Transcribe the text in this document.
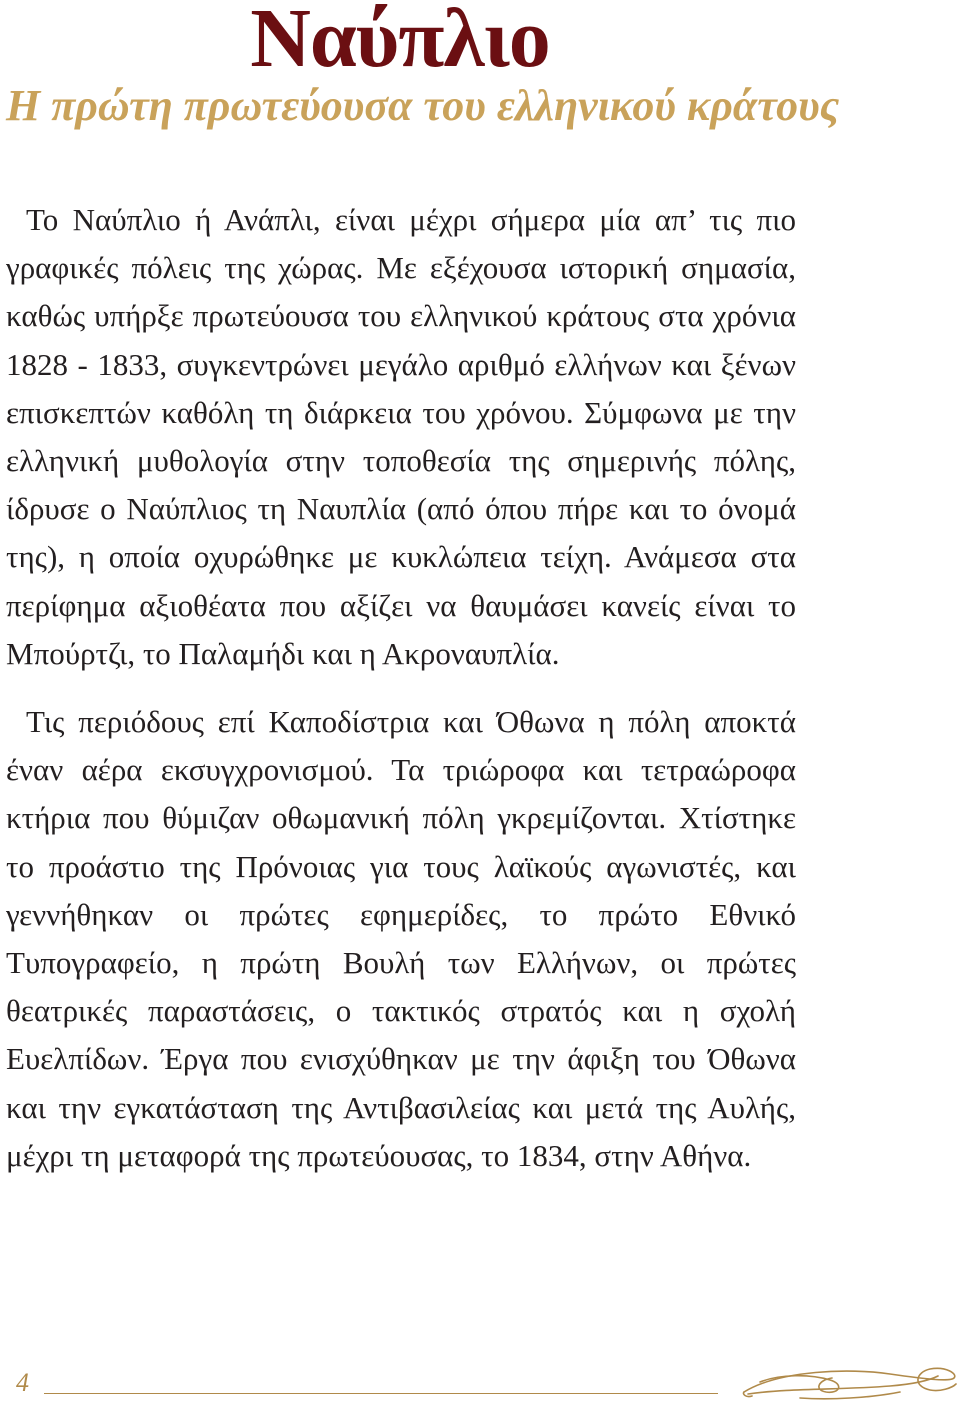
Ναύπλιο
Η πρώτη πρωτεύουσα του ελληνικού κράτους

Το Ναύπλιο ή Ανάπλι, είναι μέχρι σήμερα μία απ’ τις πιο γραφικές πόλεις της χώρας. Με εξέχουσα ιστορική σημασία, καθώς υπήρξε πρωτεύουσα του ελληνικού κράτους στα χρόνια 1828 - 1833, συγκεντρώνει μεγάλο αριθμό ελλήνων και ξένων επισκεπτών καθόλη τη διάρκεια του χρόνου. Σύμφωνα με την ελληνική μυθολογία στην τοποθεσία της σημερινής πόλης, ίδρυσε ο Ναύπλιος τη Ναυπλία (από όπου πήρε και το όνομά της), η οποία οχυρώθηκε με κυκλώπεια τείχη. Ανάμεσα στα περίφημα αξιοθέατα που αξίζει να θαυμάσει κανείς είναι το Μπούρτζι, το Παλαμήδι και η Ακροναυπλία.

Τις περιόδους επί Καποδίστρια και Όθωνα η πόλη αποκτά έναν αέρα εκσυγχρονισμού. Τα τριώροφα και τετραώροφα κτήρια που θύμιζαν οθωμανική πόλη γκρεμίζονται. Χτίστηκε το προάστιο της Πρόνοιας για τους λαϊκούς αγωνιστές, και γεννήθηκαν οι πρώτες εφημερίδες, το πρώτο Εθνικό Τυπογραφείο, η πρώτη Βουλή των Ελλήνων, οι πρώτες θεατρικές παραστάσεις, ο τακτικός στρατός και η σχολή Ευελπίδων. Έργα που ενισχύθηκαν με την άφιξη του Όθωνα και την εγκατάσταση της Αντιβασιλείας και μετά της Αυλής, μέχρι τη μεταφορά της πρωτεύουσας, το 1834, στην Αθήνα.

4
